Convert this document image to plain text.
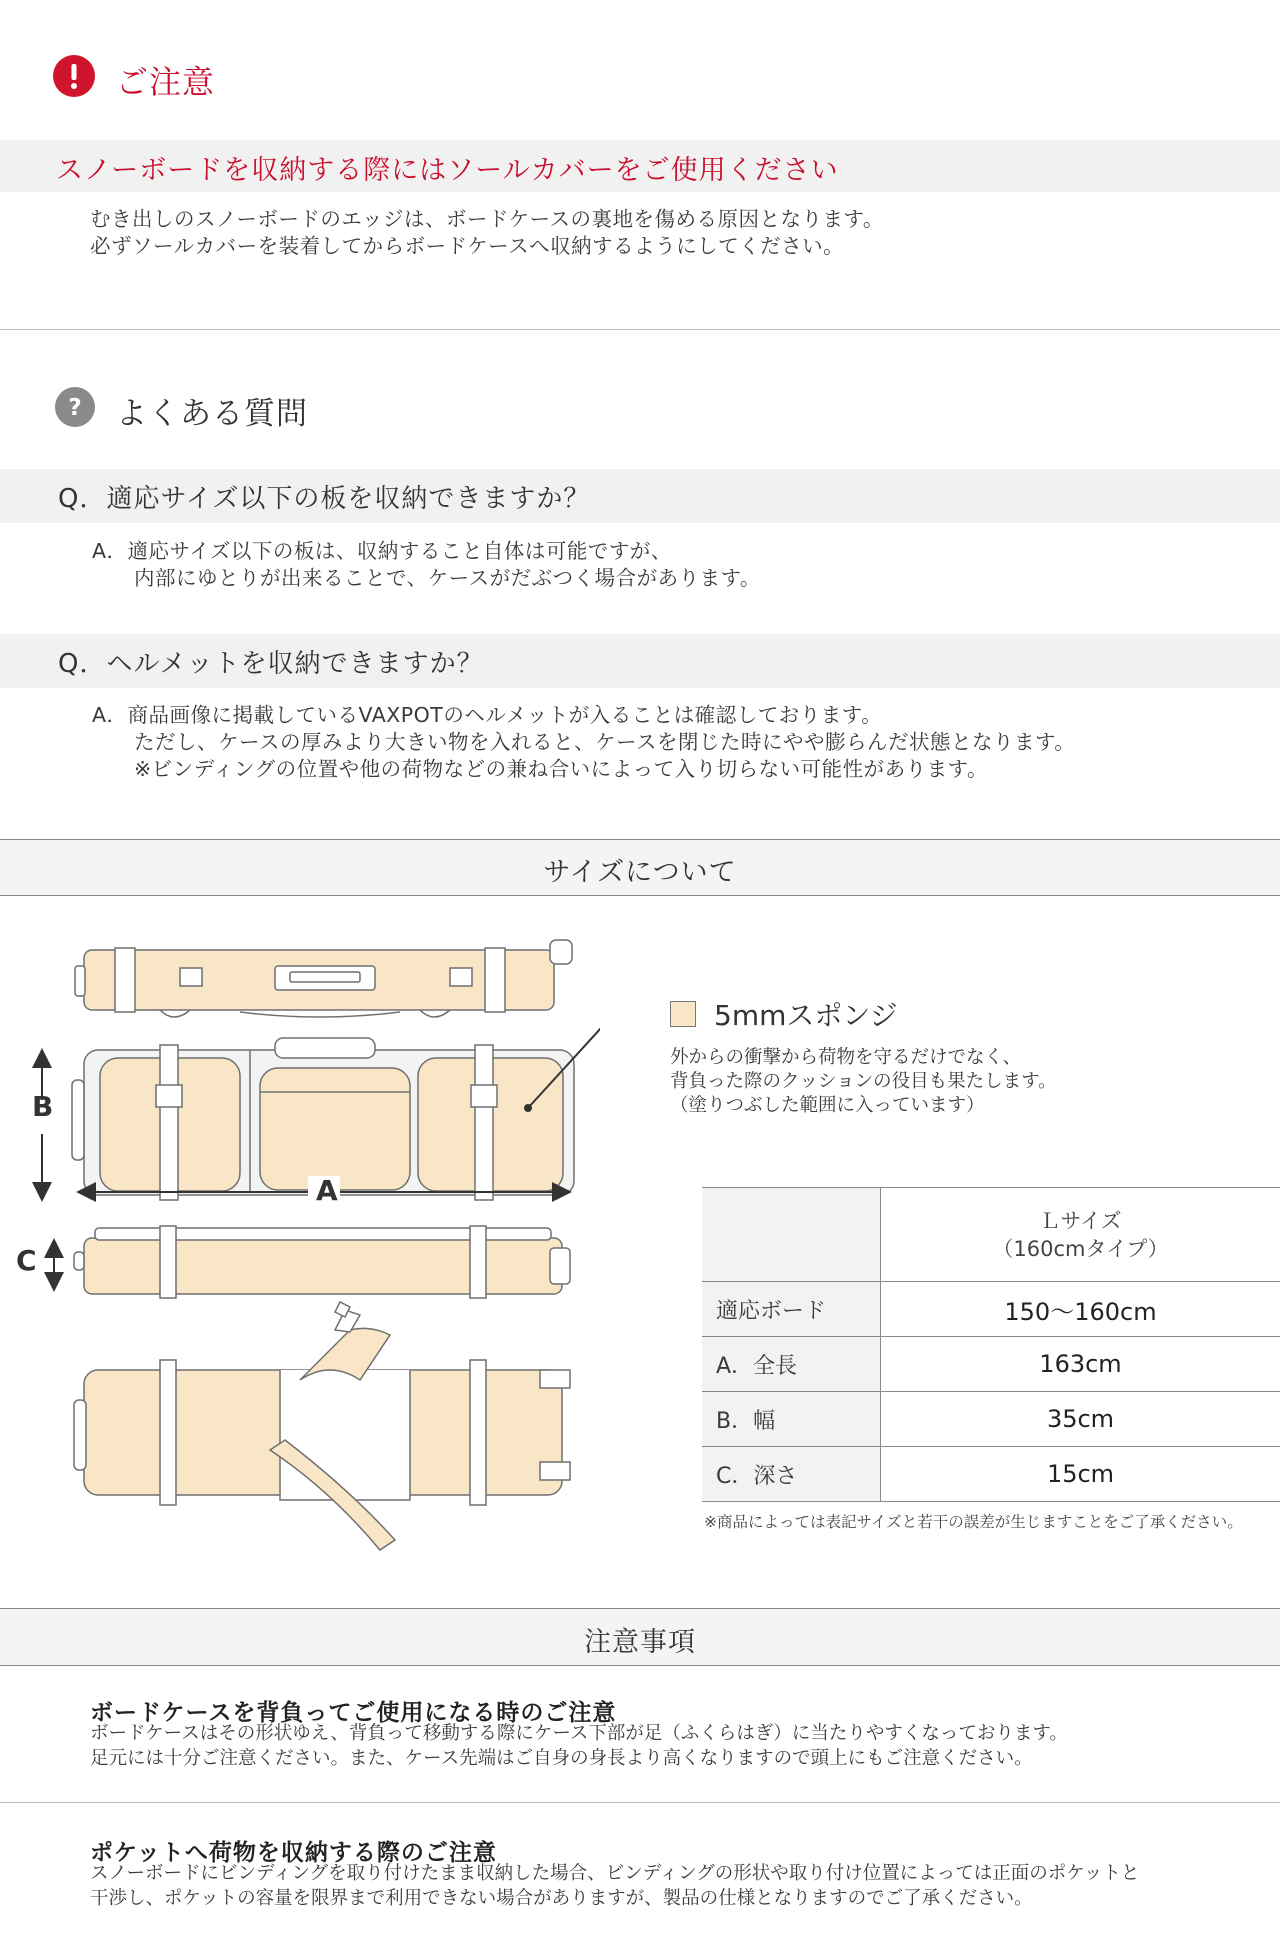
ご注意
スノーボードを収納する際にはソールカバーをご使用ください
むき出しのスノーボードのエッジは、ボードケースの裏地を傷める原因となります。
必ずソールカバーを装着してからボードケースへ収納するようにしてください。
? よくある質問
Q．適応サイズ以下の板を収納できますか？
A．適応サイズ以下の板は、収納すること自体は可能ですが、
内部にゆとりが出来ることで、ケースがだぶつく場合があります。
Q．ヘルメットを収納できますか？
A．商品画像に掲載しているVAXPOTのヘルメットが入ることは確認しております。
ただし、ケースの厚みより大きい物を入れると、ケースを閉じた時にやや膨らんだ状態となります。
※ビンディングの位置や他の荷物などの兼ね合いによって入り切らない可能性があります。
サイズについて
B
A
C
5mmスポンジ
外からの衝撃から荷物を守るだけでなく、
背負った際のクッションの役目も果たします。
（塗りつぶした範囲に入っています）

	Ｌサイズ
（160cmタイプ）

適応ボード	150〜160cm
A．全長	163cm
B．幅	35cm
C．深さ	15cm
※商品によっては表記サイズと若干の誤差が生じますことをご了承ください。
注意事項
ボードケースを背負ってご使用になる時のご注意
ボードケースはその形状ゆえ、背負って移動する際にケース下部が足（ふくらはぎ）に当たりやすくなっております。
足元には十分ご注意ください。また、ケース先端はご自身の身長より高くなりますので頭上にもご注意ください。
ポケットへ荷物を収納する際のご注意
スノーボードにビンディングを取り付けたまま収納した場合、ビンディングの形状や取り付け位置によっては正面のポケットと
干渉し、ポケットの容量を限界まで利用できない場合がありますが、製品の仕様となりますのでご了承ください。
